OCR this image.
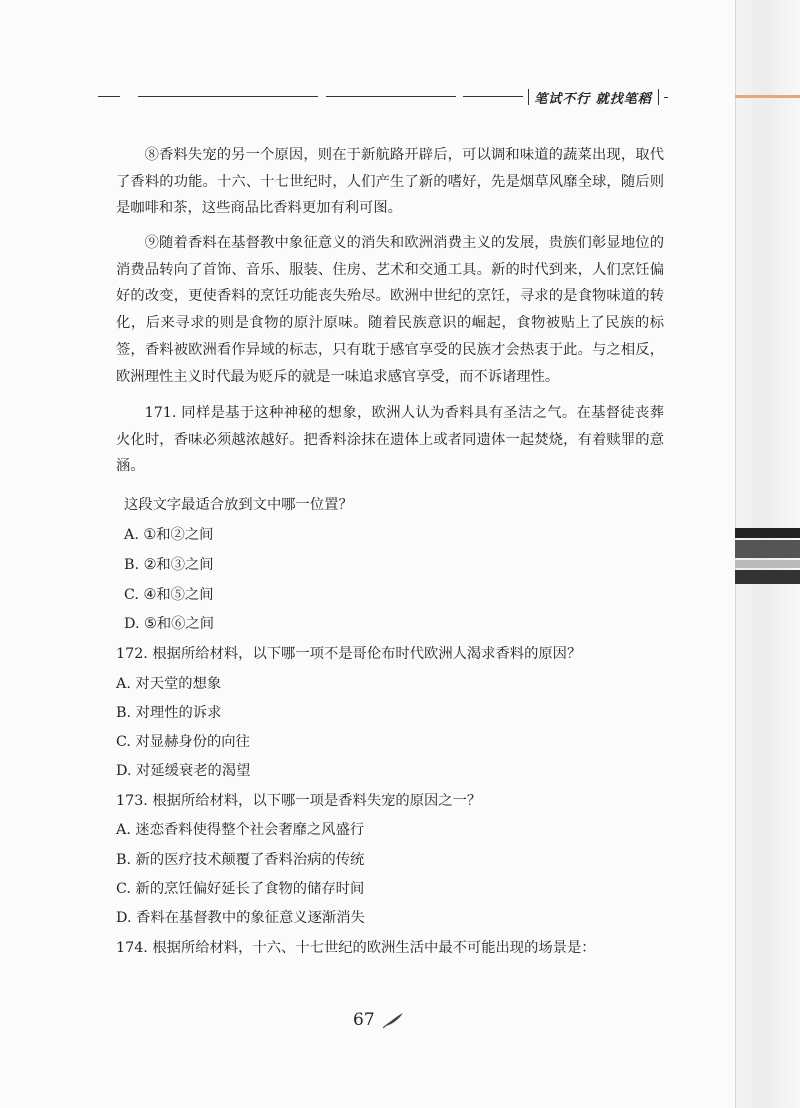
笔试不行 就找笔稻
⑧香料失宠的另一个原因，则在于新航路开辟后，可以调和味道的蔬菜出现，取代了香料的功能。十六、十七世纪时，人们产生了新的嗜好，先是烟草风靡全球，随后则是咖啡和茶，这些商品比香料更加有利可图。
⑨随着香料在基督教中象征意义的消失和欧洲消费主义的发展，贵族们彰显地位的消费品转向了首饰、音乐、服装、住房、艺术和交通工具。新的时代到来，人们烹饪偏好的改变，更使香料的烹饪功能丧失殆尽。欧洲中世纪的烹饪，寻求的是食物味道的转化，后来寻求的则是食物的原汁原味。随着民族意识的崛起，食物被贴上了民族的标签，香料被欧洲看作异域的标志，只有耽于感官享受的民族才会热衷于此。与之相反，欧洲理性主义时代最为贬斥的就是一味追求感官享受，而不诉诸理性。
171. 同样是基于这种神秘的想象，欧洲人认为香料具有圣洁之气。在基督徒丧葬火化时，香味必须越浓越好。把香料涂抹在遗体上或者同遗体一起焚烧，有着赎罪的意涵。
这段文字最适合放到文中哪一位置？
A. ①和②之间
B. ②和③之间
C. ④和⑤之间
D. ⑤和⑥之间
172. 根据所给材料，以下哪一项不是哥伦布时代欧洲人渴求香料的原因？
A. 对天堂的想象
B. 对理性的诉求
C. 对显赫身份的向往
D. 对延缓衰老的渴望
173. 根据所给材料，以下哪一项是香料失宠的原因之一？
A. 迷恋香料使得整个社会奢靡之风盛行
B. 新的医疗技术颠覆了香料治病的传统
C. 新的烹饪偏好延长了食物的储存时间
D. 香料在基督教中的象征意义逐渐消失
174. 根据所给材料，十六、十七世纪的欧洲生活中最不可能出现的场景是：
67
